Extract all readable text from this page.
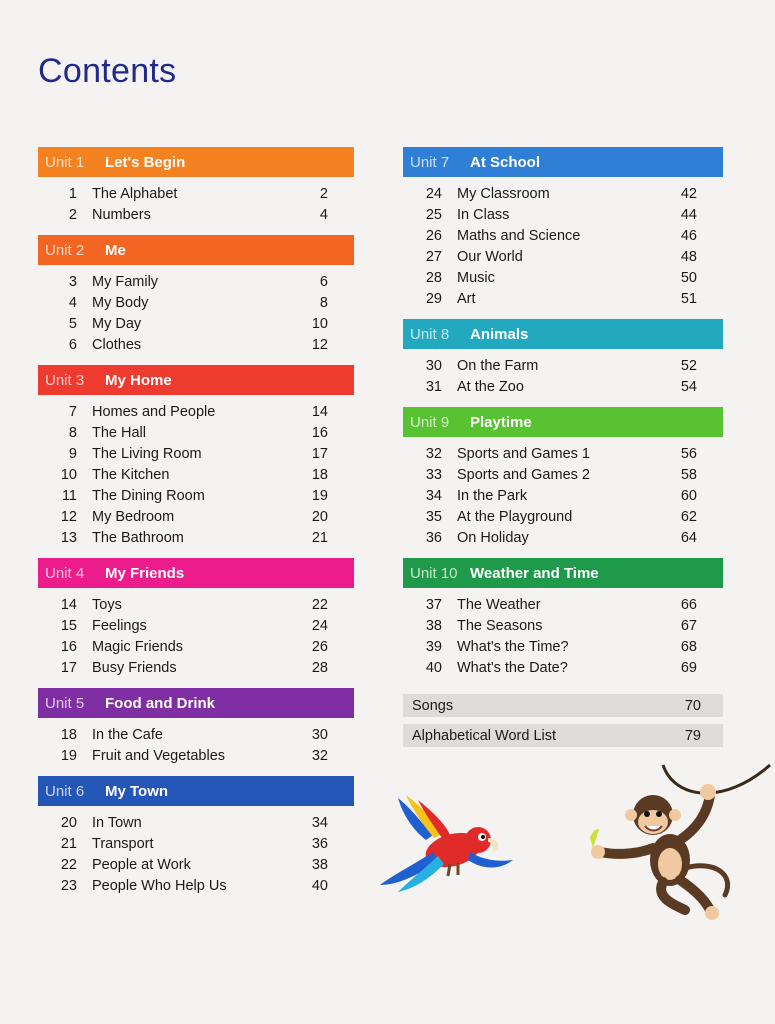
Contents
Unit 1	Let's Begin
1	The Alphabet	2
2	Numbers	4
Unit 2	Me
3	My Family	6
4	My Body	8
5	My Day	10
6	Clothes	12
Unit 3	My Home
7	Homes and People	14
8	The Hall	16
9	The Living Room	17
10	The Kitchen	18
11	The Dining Room	19
12	My Bedroom	20
13	The Bathroom	21
Unit 4	My Friends
14	Toys	22
15	Feelings	24
16	Magic Friends	26
17	Busy Friends	28
Unit 5	Food and Drink
18	In the Cafe	30
19	Fruit and Vegetables	32
Unit 6	My Town
20	In Town	34
21	Transport	36
22	People at Work	38
23	People Who Help Us	40
Unit 7	At School
24	My Classroom	42
25	In Class	44
26	Maths and Science	46
27	Our World	48
28	Music	50
29	Art	51
Unit 8	Animals
30	On the Farm	52
31	At the Zoo	54
Unit 9	Playtime
32	Sports and Games 1	56
33	Sports and Games 2	58
34	In the Park	60
35	At the Playground	62
36	On Holiday	64
Unit 10 Weather and Time
37	The Weather	66
38	The Seasons	67
39	What's the Time?	68
40	What's the Date?	69
Songs	70
Alphabetical Word List	79
